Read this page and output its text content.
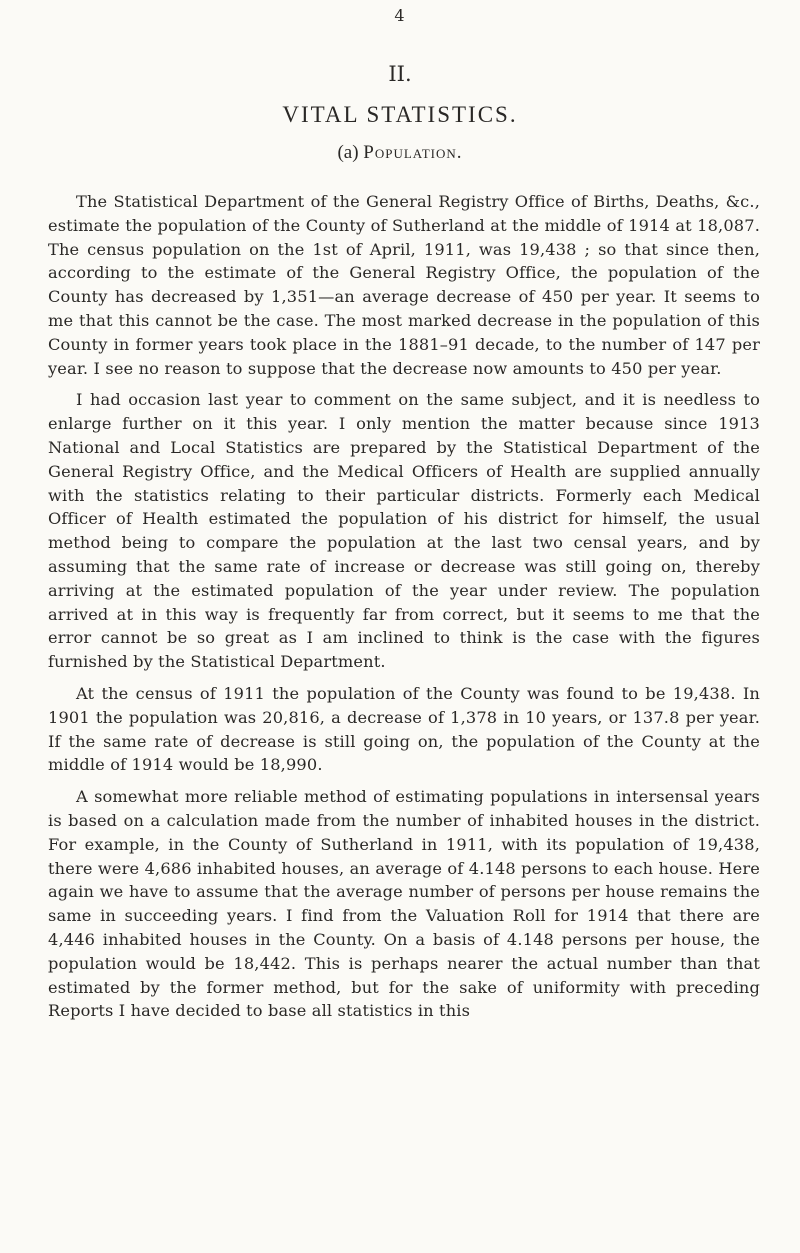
4
II.
VITAL STATISTICS.
(a) Population.

The Statistical Department of the General Registry Office of Births, Deaths, &c., estimate the population of the County of Sutherland at the middle of 1914 at 18,087. The census population on the 1st of April, 1911, was 19,438 ; so that since then, according to the estimate of the General Registry Office, the population of the County has decreased by 1,351—an average decrease of 450 per year. It seems to me that this cannot be the case. The most marked decrease in the population of this County in former years took place in the 1881–91 decade, to the number of 147 per year. I see no reason to suppose that the decrease now amounts to 450 per year.

I had occasion last year to comment on the same subject, and it is needless to enlarge further on it this year. I only mention the matter because since 1913 National and Local Statistics are prepared by the Statistical Department of the General Registry Office, and the Medical Officers of Health are supplied annually with the statistics relating to their particular districts. Formerly each Medical Officer of Health estimated the population of his district for himself, the usual method being to compare the population at the last two censal years, and by assuming that the same rate of increase or decrease was still going on, thereby arriving at the estimated population of the year under review. The population arrived at in this way is frequently far from correct, but it seems to me that the error cannot be so great as I am inclined to think is the case with the figures furnished by the Statistical Department.

At the census of 1911 the population of the County was found to be 19,438. In 1901 the population was 20,816, a decrease of 1,378 in 10 years, or 137.8 per year. If the same rate of decrease is still going on, the population of the County at the middle of 1914 would be 18,990.

A somewhat more reliable method of estimating populations in intersensal years is based on a calculation made from the number of inhabited houses in the district. For example, in the County of Sutherland in 1911, with its population of 19,438, there were 4,686 inhabited houses, an average of 4.148 persons to each house. Here again we have to assume that the average number of persons per house remains the same in succeeding years. I find from the Valuation Roll for 1914 that there are 4,446 inhabited houses in the County. On a basis of 4.148 persons per house, the population would be 18,442. This is perhaps nearer the actual number than that estimated by the former method, but for the sake of uniformity with preceding Reports I have decided to base all statistics in this
